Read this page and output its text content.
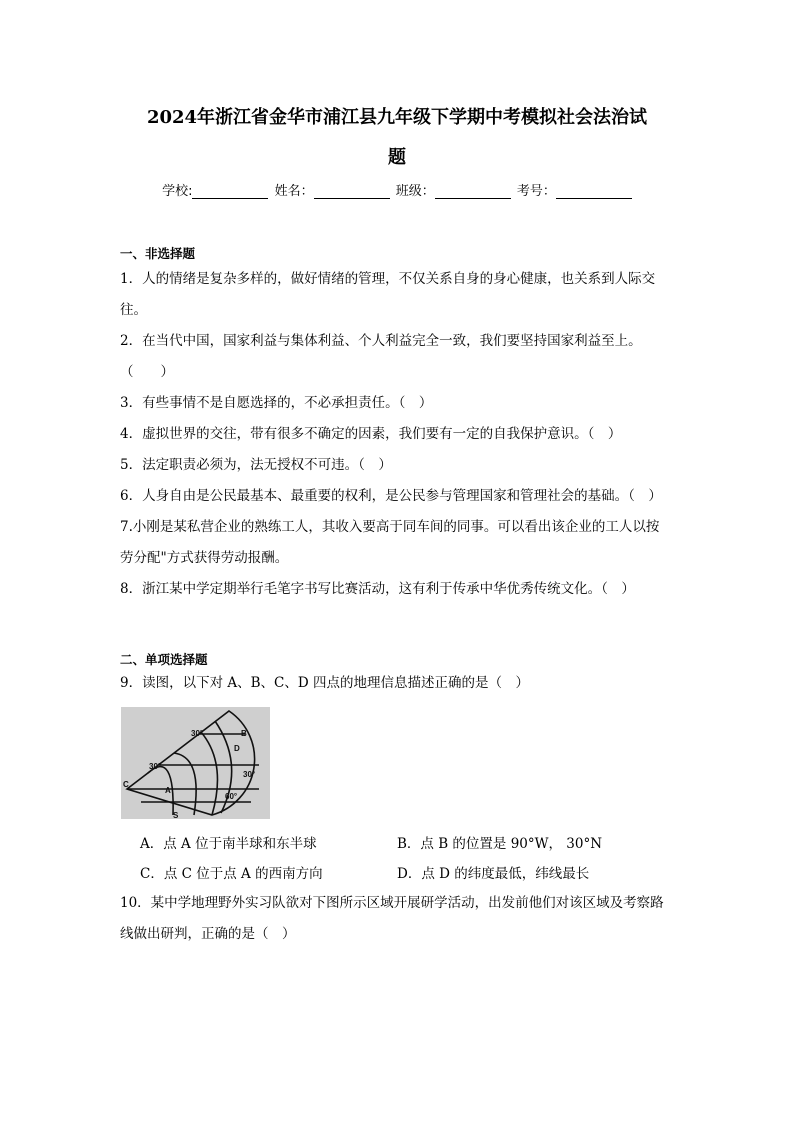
2024年浙江省金华市浦江县九年级下学期中考模拟社会法治试
题
学校:	姓名：	班级：	考号：
一、非选择题
1．人的情绪是复杂多样的，做好情绪的管理，不仅关系自身的身心健康，也关系到人际交
往。
2．在当代中国，国家利益与集体利益、个人利益完全一致，我们要坚持国家利益至上。
（　　）
3．有些事情不是自愿选择的，不必承担责任。（　）
4．虚拟世界的交往，带有很多不确定的因素，我们要有一定的自我保护意识。（　）
5．法定职责必须为，法无授权不可违。（　）
6．人身自由是公民最基本、最重要的权利，是公民参与管理国家和管理社会的基础。（　）
7.小刚是某私营企业的熟练工人，其收入要高于同车间的同事。可以看出该企业的工人以按
劳分配"方式获得劳动报酬。
8．浙江某中学定期举行毛笔字书写比赛活动，这有利于传承中华优秀传统文化。（　）
二、单项选择题
9．读图，以下对 A、B、C、D 四点的地理信息描述正确的是（　）
30°	B
D
30°
30°
C
A
60°
S
A．点 A 位于南半球和东半球	B．点 B 的位置是 90°W， 30°N
C．点 C 位于点 A 的西南方向	D．点 D 的纬度最低，纬线最长
10．某中学地理野外实习队欲对下图所示区域开展研学活动，出发前他们对该区域及考察路
线做出研判，正确的是（　）
